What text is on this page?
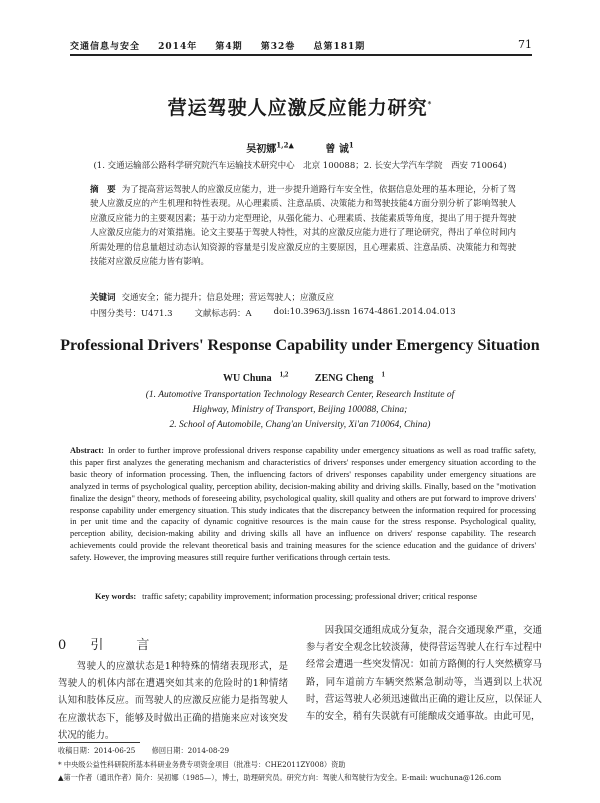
交通信息与安全 2014年 第4期 第32卷 总第181期	71
营运驾驶人应激反应能力研究*
吴初娜$^{1,2▲}$	曾 诚$^1$
(1. 交通运输部公路科学研究院汽车运输技术研究中心　北京 100088；2. 长安大学汽车学院　西安 710064)
摘　要 为了提高营运驾驶人的应激反应能力，进一步提升道路行车安全性，依据信息处理的基本理论，分析了驾驶人应激反应的产生机理和特性表现。从心理素质、注意品质、决策能力和驾驶技能4方面分别分析了影响驾驶人应激反应能力的主要观因素；基于动力定型理论，从强化能力、心理素质、技能素质等角度，提出了用于提升驾驶人应激反应能力的对策措施。论文主要基于驾驶人特性，对其的应激反应能力进行了理论研究，得出了单位时间内所需处理的信息量超过动态认知资源的容量是引发应激反应的主要原因，且心理素质、注意品质、决策能力和驾驶技能对应激反应能力皆有影响。
关键词 交通安全；能力提升；信息处理；营运驾驶人；应激反应
中图分类号：U471.3	文献标志码：A	doi:10.3963/j.issn 1674-4861.2014.04.013
Professional Drivers' Response Capability under Emergency Situation
WU Chuna $^{1,2}$	ZENG Cheng $^1$
(1. Automotive Transportation Technology Research Center, Research Institute of
Highway, Ministry of Transport, Beijing 100088, China;
2. School of Automobile, Chang'an University, Xi'an 710064, China)
Abstract: In order to further improve professional drivers response capability under emergency situations as well as road traffic safety, this paper first analyzes the generating mechanism and characteristics of drivers' responses under emergency situation according to the basic theory of information processing. Then, the influencing factors of drivers' responses capability under emergency situations are analyzed in terms of psychological quality, perception ability, decision-making ability and driving skills. Finally, based on the "motivation finalize the design" theory, methods of foreseeing ability, psychological quality, skill quality and others are put forward to improve drivers' response capability under emergency situation. This study indicates that the discrepancy between the information required for processing in per unit time and the capacity of dynamic cognitive resources is the main cause for the stress response. Psychological quality, perception ability, decision-making ability and driving skills all have an influence on drivers' response capability. The research achievements could provide the relevant theoretical basis and training measures for the science education and the guidance of drivers' safety. However, the improving measures still require further verifications through certain tests.
Key words: traffic safety; capability improvement; information processing; professional driver; critical response
0 引　言
驾驶人的应激状态是1种特殊的情绪表现形式，是驾驶人的机体内部在遭遇突如其来的危险时的1种情绪认知和肢体反应。而驾驶人的应激反应能力是指驾驶人在应激状态下，能够及时做出正确的措施来应对该突发状况的能力。
因我国交通组成成分复杂，混合交通现象严重，交通参与者安全观念比较淡薄，使得营运驾驶人在行车过程中经常会遭遇一些突发情况：如前方路侧的行人突然横穿马路，同车道前方车辆突然紧急制动等，当遇到以上状况时，营运驾驶人必须迅速做出正确的避让反应，以保证人车的安全，稍有失误就有可能酿成交通事故。由此可见，
收稿日期：2014-06-25 修回日期：2014-08-29
* 中央级公益性科研院所基本科研业务费专项资金项目（批准号：CHE2011ZY008）资助
▲第一作者（通讯作者）简介：吴初娜（1985—），博士，助理研究员。研究方向：驾驶人和驾驶行为安全。E-mail: wuchuna@126.com
